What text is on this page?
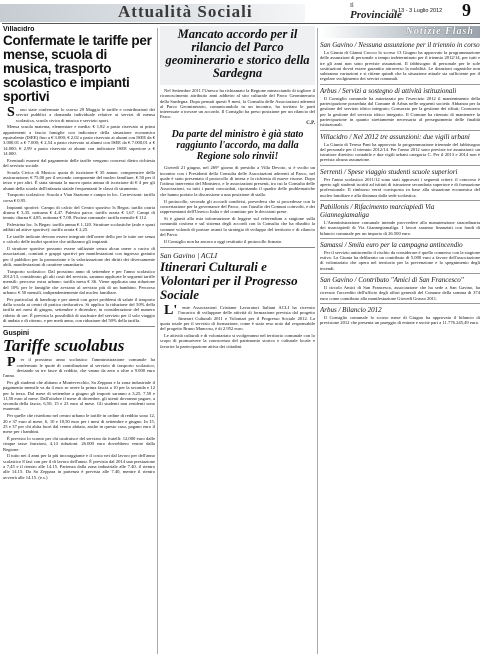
Attualità Sociali	Il
Provinciale
n. 13 - 3 Luglio 2012 9
Villacidro
Confermate le tariffe per mense, scuola di musica, trasporto scolastico e impianti sportivi

Sono state confermate lo scorso 29 Maggio le tariffe e contribuzioni dei servizi pubblici a domanda individuale relative ai servizi di mensa scolastica, scuola civica di musica e servizio sport.

Mensa scuola materna, elementare e media: € 1,82 a pasto riservato ai primi appartenenti a fascia famiglie con indicatore della situazione economica equivalente (ISEE) fino a € 3.000; € 2,02 a pasto riservato ai alunni con ISEE da € 3.000,01 a € 7.000; € 2,54 a pasto riservato ai alunni con ISEE da € 7.000,01 a € 14.000; € 2,99 a pasto riservato ai alunni con indicatore ISEE superiore a € 14.000.

Eventuali esoneri dal pagamento delle tariffe vengono concessi dietro richiesta del servizio sociale.

Scuola Civica di Musica: quota di iscrizione € 35 annue, comprensive della assicurazione; € 75,00 per il secondo componente del nucleo familiare, € 50 per il terzo e per altri. È stata stimata la nuova quota annua di iscrizione di € 4 per gli alunni della scuola dell'infanzia statale frequentanti le classi di strumento.

Trasporto scolastico: Scuola a Vian Stazione e campo in loc. Cortevisoni: tariffa corsa € 0,95.

Impianti sportivi: Campo di calcio del Centro sportivo Is Begas: tariffa oraria diurna € 3,35, notturna € 4,47. Palestra parco: tariffa oraria € 1,67. Campi di tennis: diurna € 4,85, notturna € 7,08. Piscina comunale: tariffa mensile € 112.

Palestrina loc. Is Begas: tariffa annua € 1,120. Strutture scolastiche (aule e spazi adibiti ad attive sportive): tariffa oraria € 2,25.

Le tariffe indicate devono essere integrate dell'onere dello per le tutte ore senza o calcolo delle inoltri sportive che utilizzano gli impianti.

Il struttore sportive possono essere utilizzate senza alcun onere a carico di associazioni, comitati e gruppi sportivi per manifestazioni con ingresso gratuito per il pubblico per la promozione e la valorizzazione dei diritti dei diversamente abili, manifestazioni di carattere umanitario.

Trasporto scolastico: Dal prossimo anno di settembre e per l'anno scolastico 2012/13, considerato gli alti costi del servizio, saranno applicate le seguenti tariffe mensili: percorso extra urbano: tariffa mesa € 36. Viene applicata una riduzione del 10% per le famiglie che avviano al servizio più di un bambino. Percorso urbano: € 50 mensili, indipendentemente dal nucleo familiare.

Per particolari di handicap e per utenti con gravi problemi di salute il trasporto dalla scuola ai centri di pratica rieducativa. Si applica la riduzione del 50% della tariffa nei mesi di giugno, settembre e dicembre, in considerazione del numero ridotto di ore. È prevista la possibilità di usufruire del servizio per il solo viaggio di andata o di ritorno, e per metà anno, con riduzione del 50% della tariffa.

Guspini
Tariffe scuolabus

Per il prossimo anno scolastico l'amministrazione comunale ha confermato le quote di contribuzione al servizio di trasporto scolastico, deviando su tre fasce di reddito, che vanno da zero a oltre a 9.000 euro l'anno.

Per gli studenti che abitano a Montevecchio, Sa Zeppara e la zona industriale il pagamento mensile va da 4 euro se avere la prima fascia a 10 per la seconda e 12 per la terza. Dal mese di settembre a giugno gli importi saranno a 3,25, 7,50 e 11,50 euro al mese. Dall'ottobre il mese di dicembre, gli utenti dovranno pagare, a seconda della fascia, 6,50, 15 e 23 euro al mese. Gli studenti non residenti sono esonerati.

Per quelle che risiedono nel centro urbano le tariffe in ordine di reddito sono 12, 20 e 37 euro al mese, 6, 10 e 18,50 euro per i mesi di settembre e giugno. In 15, 25 e 37 per chi abita fuori dal centro abitato, anche in questo caso, pagano euro il mese per i bambini.

È previsto lo sconto per chi usufruisce del servizio da fratelli: 12.000 euro dalle cinque tasse fruizioni, 4,14 riduzioni. 26.000 euro dovrebbero venire dalla Regione.

Il tutto nei 4 anni per la più incoraggiante e il costo nei dal lavoro per dell'anno scolastico 8 fasi con per il di lavoro dell'anno. È prevista dal 2014 una prestazione a 7,45 e il rientro alle 14.15. Partenza dalla zona industriale alle 7.40, il rientro alle 14.15. Da Sa Zeppara in partenza è prevista alle 7.40, mentre il rientro avverrà alle 14.15. (e.s.)

Mancato accordo per il rilancio del Parco geominerario e storico della Sardegna

Nel Settembre 2011 l'Unesco ha richiamato la Regione minacciando di togliere il riconoscimento attribuito anni addietro al sito culturale del Parco Geominerario della Sardegna. Dopo pensati questi 9 mesi, la Consulta delle Associazioni aderenti al Parco Geominerario, comunicandolo in un incontro, ha invitato le parti interessate a trovare un accordo. Il Consiglio ha preso posizione per un rilancio del Parco.

C.P.
Da parte del ministro è già stato raggiunto l'accordo, ma dalla Regione solo rinvii!

Giovedì 21 giugno, nel 269° giorno di presidio a Villa Devoto, si è svolto un incontro con i Presidenti della Consulta delle Associazioni aderenti al Parco, nel quale è stato presentato il protocollo di intesa e la richiesta di nuove risorse. Dopo l'ottimo intervento del Ministero, e le associazioni presenti, tra cui la Consulta delle Associazioni, su tutti i punti concordati, riportando il quadro delle problematiche che hanno portato la discussione a una posizione di stallo.

Il protocollo, secondo gli accordi condivisi, prevedeva che si procedesse con la concertazione per la governance del Parco, con l'ausilio dei Comuni coinvolti, e dei rappresentanti dell'Unesco Italia e del comitato per le decisioni prese.

Si è giunti alla mia informazione di leggere sul referendum a stagione sulla comunità costiera e sul sistema degli accordi con la Consulta che ha ribadito la comune volontà di portare avanti la strategia di sviluppo del territorio e di rilancio del Parco.

Il Consiglio non ha ancora a oggi restituito il protocollo firmato.

San Gavino | ACLI
Itinerari Culturali e Volontari per il Progresso Sociale

L'ente Associazioni Cristiane Lavoratori Italiani ACLI ha ricevuto l'incarico di sviluppare delle attività di formazione prevista dal progetto Itinerari Culturali 2011 e Volontari per il Progresso Sociale 2012. La quota totale per il servizio di formazione, come è stato reso noto dal responsabile del progetto Bruno Mancosu, è di 2.952 euro.

Le attività culturali e di volontariato si svolgeranno nel territorio comunale con lo scopo di promuovere la conoscenza del patrimonio storico e culturale locale e favorire la partecipazione attiva dei cittadini.

Notizie Flash
San Gavino / Nessuna assunzione per il triennio in corso

La Giunta di Gianni Crocco lo scorso 13 Giugno ha approvato la programmazione delle assunzioni di personale a tempo indeterminato per il triennio 2012/14, per tutti e tre gli anni non sono previste assunzioni. Il fabbisogno di personale per le sole sostituzioni dovrà essere garantito attraverso la mobilità. Le dotazioni organiche non subiranno variazioni e si ritiene quindi che la situazione attuale sia sufficiente per il regolare svolgimento dei servizi comunali.

Arbus / Servizi a sostegno di attività istituzionali

Il Consiglio comunale ha autorizzato per l'esercizio 2012 il mantenimento della partecipazione posseduta dal Comune di Arbus nelle seguenti società: Abbanoa per la gestione del servizio idrico integrato; Consorzio per la gestione dei rifiuti; Consorzio per la gestione del servizio idrico integrato. Il Comune ha ritenuto di mantenere la partecipazione in quanto strettamente necessaria al perseguimento delle finalità istituzionali.

Villacidro / Nel 2012 tre assunzioni: due vigili urbani

La Giunta di Teresa Pani ha approvato la programmazione triennale del fabbisogno del personale per il triennio 2012/14. Per l'anno 2012 sono previste tre assunzioni: un istruttore direttivo contabile e due vigili urbani categoria C. Per il 2013 e 2014 non è prevista alcuna assunzione.

Serrenti / Spese viaggio studenti scuole superiori

Per l'anno scolastico 2011/12 sono stati approvati i seguenti criteri: il concorso è aperto agli studenti iscritti ad istituti di istruzione secondaria superiore e di formazione professionale. Il rimborso verrà corrisposto in base alla situazione economica del nucleo familiare e alla distanza dalla sede scolastica.

Pabillonis / Rifacimento marciapiedi Via Giannegiamaliga

L'Amministrazione comunale intende provvedere alla manutenzione straordinaria dei marciapiedi di Via Giannegiamaliga. I lavori saranno finanziati con fondi di bilancio comunale per un importo di 26.500 euro.

Samassi / Smila euro per la campagna antincendio

Per il servizio antincendio il rischio da considerare è quello connesso con la stagione estiva. La Giunta ha deliberato un contributo di 5.000 euro a favore dell'associazione di volontariato che opera nel territorio per la prevenzione e lo spegnimento degli incendi.

San Gavino / Contributo "Amici di San Francesco"

Il circolo Amici di San Francesco, associazione che ha sede a San Gavino, ha ricevuto l'accredito dell'ufficio degli affari generali del Comune della somma di 374 euro come contributo alla manifestazione Giovedì Grasso 2011.

Arbus / Bilancio 2012

Il Consiglio comunale lo scorso mese di Giugno ha approvato il bilancio di previsione 2012 che presenta un pareggio di entrate e uscite pari a 11.776.245,49 euro.
